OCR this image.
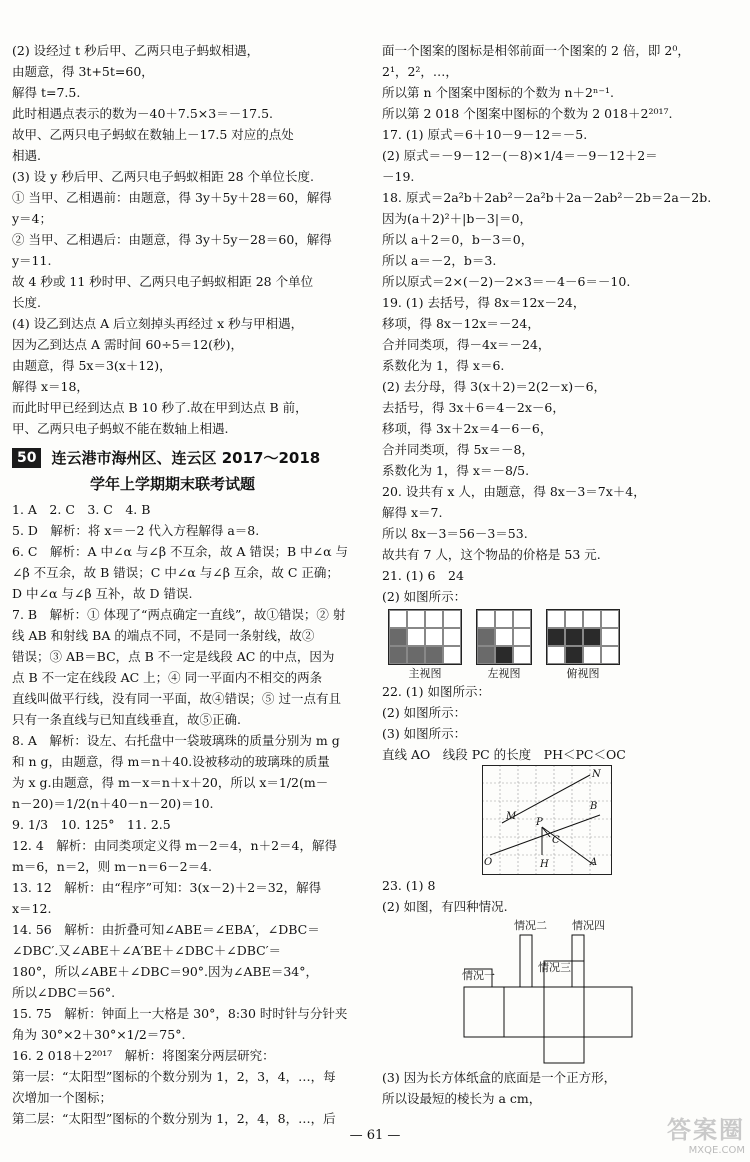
(2) 设经过 t 秒后甲、乙两只电子蚂蚁相遇，
由题意，得 3t+5t=60，
解得 t=7.5.
此时相遇点表示的数为－40＋7.5×3＝－17.5.
故甲、乙两只电子蚂蚁在数轴上－17.5 对应的点处
相遇.
(3) 设 y 秒后甲、乙两只电子蚂蚁相距 28 个单位长度.
① 当甲、乙相遇前：由题意，得 3y＋5y＋28＝60，解得
y＝4；
② 当甲、乙相遇后：由题意，得 3y＋5y－28＝60，解得
y＝11.
故 4 秒或 11 秒时甲、乙两只电子蚂蚁相距 28 个单位
长度.
(4) 设乙到达点 A 后立刻掉头再经过 x 秒与甲相遇，
因为乙到达点 A 需时间 60÷5＝12(秒)，
由题意，得 5x＝3(x＋12)，
解得 x＝18，
而此时甲已经到达点 B 10 秒了.故在甲到达点 B 前，
甲、乙两只电子蚂蚁不能在数轴上相遇.
50	连云港市海州区、连云区 2017～2018
学年上学期期末联考试题
1. A　2. C　3. C　4. B
5. D　解析：将 x＝－2 代入方程解得 a＝8.
6. C　解析：A 中∠α 与∠β 不互余，故 A 错误；B 中∠α 与
∠β 不互余，故 B 错误；C 中∠α 与∠β 互余，故 C 正确；
D 中∠α 与∠β 互补，故 D 错误.
7. B　解析：① 体现了“两点确定一直线”，故①错误；② 射
线 AB 和射线 BA 的端点不同，不是同一条射线，故②
错误；③ AB＝BC，点 B 不一定是线段 AC 的中点，因为
点 B 不一定在线段 AC 上；④ 同一平面内不相交的两条
直线叫做平行线，没有同一平面，故④错误；⑤ 过一点有且
只有一条直线与已知直线垂直，故⑤正确.
8. A　解析：设左、右托盘中一袋玻璃珠的质量分别为 m g
和 n g，由题意，得 m＝n＋40.设被移动的玻璃珠的质量
为 x g.由题意，得 m－x＝n＋x＋20，所以 x＝1/2(m－
n－20)＝1/2(n＋40－n－20)＝10.
9. 1/3　10. 125°　11. 2.5
12. 4　解析：由同类项定义得 m－2＝4，n＋2＝4，解得
m＝6，n＝2，则 m－n＝6－2＝4.
13. 12　解析：由“程序”可知：3(x－2)＋2＝32，解得
x＝12.
14. 56　解析：由折叠可知∠ABE＝∠EBA′，∠DBC＝
∠DBC′.又∠ABE＋∠A′BE＋∠DBC＋∠DBC′＝
180°，所以∠ABE＋∠DBC＝90°.因为∠ABE＝34°，
所以∠DBC＝56°.
15. 75　解析：钟面上一大格是 30°，8:30 时时针与分针夹
角为 30°×2＋30°×1/2＝75°.
16. 2 018＋2²⁰¹⁷　解析：将图案分两层研究：
第一层：“太阳型”图标的个数分别为 1，2，3，4，…，每
次增加一个图标；
第二层：“太阳型”图标的个数分别为 1，2，4，8，…，后
面一个图案的图标是相邻前面一个图案的 2 倍，即 2⁰，
2¹，2²，…，
所以第 n 个图案中图标的个数为 n＋2ⁿ⁻¹.
所以第 2 018 个图案中图标的个数为 2 018＋2²⁰¹⁷.
17. (1) 原式＝6＋10－9－12＝－5.
(2) 原式＝－9－12－(－8)×1/4＝－9－12＋2＝
－19.
18. 原式＝2a²b＋2ab²－2a²b＋2a－2ab²－2b＝2a－2b.
因为(a＋2)²＋|b－3|＝0，
所以 a＋2＝0，b－3＝0，
所以 a＝－2，b＝3.
所以原式＝2×(－2)－2×3＝－4－6＝－10.
19. (1) 去括号，得 8x＝12x－24，
移项，得 8x－12x＝－24，
合并同类项，得－4x＝－24，
系数化为 1，得 x＝6.
(2) 去分母，得 3(x＋2)＝2(2－x)－6，
去括号，得 3x＋6＝4－2x－6，
移项，得 3x＋2x＝4－6－6，
合并同类项，得 5x＝－8，
系数化为 1，得 x＝－8/5.
20. 设共有 x 人，由题意，得 8x－3＝7x＋4，
解得 x＝7.
所以 8x－3＝56－3＝53.
故共有 7 人，这个物品的价格是 53 元.
21. (1) 6　24
(2) 如图所示：
主视图	左视图	俯视图
22. (1) 如图所示：
(2) 如图所示：
(3) 如图所示：
直线 AO　线段 PC 的长度　PH＜PC＜OC
N
M
B
P
C
O	H	A
23. (1) 8
(2) 如图，有四种情况.
情况一
情况二
情况三
情况四
(3) 因为长方体纸盒的底面是一个正方形，
所以设最短的棱长为 a cm，
— 61 —	答案圈
MXQE.COM
